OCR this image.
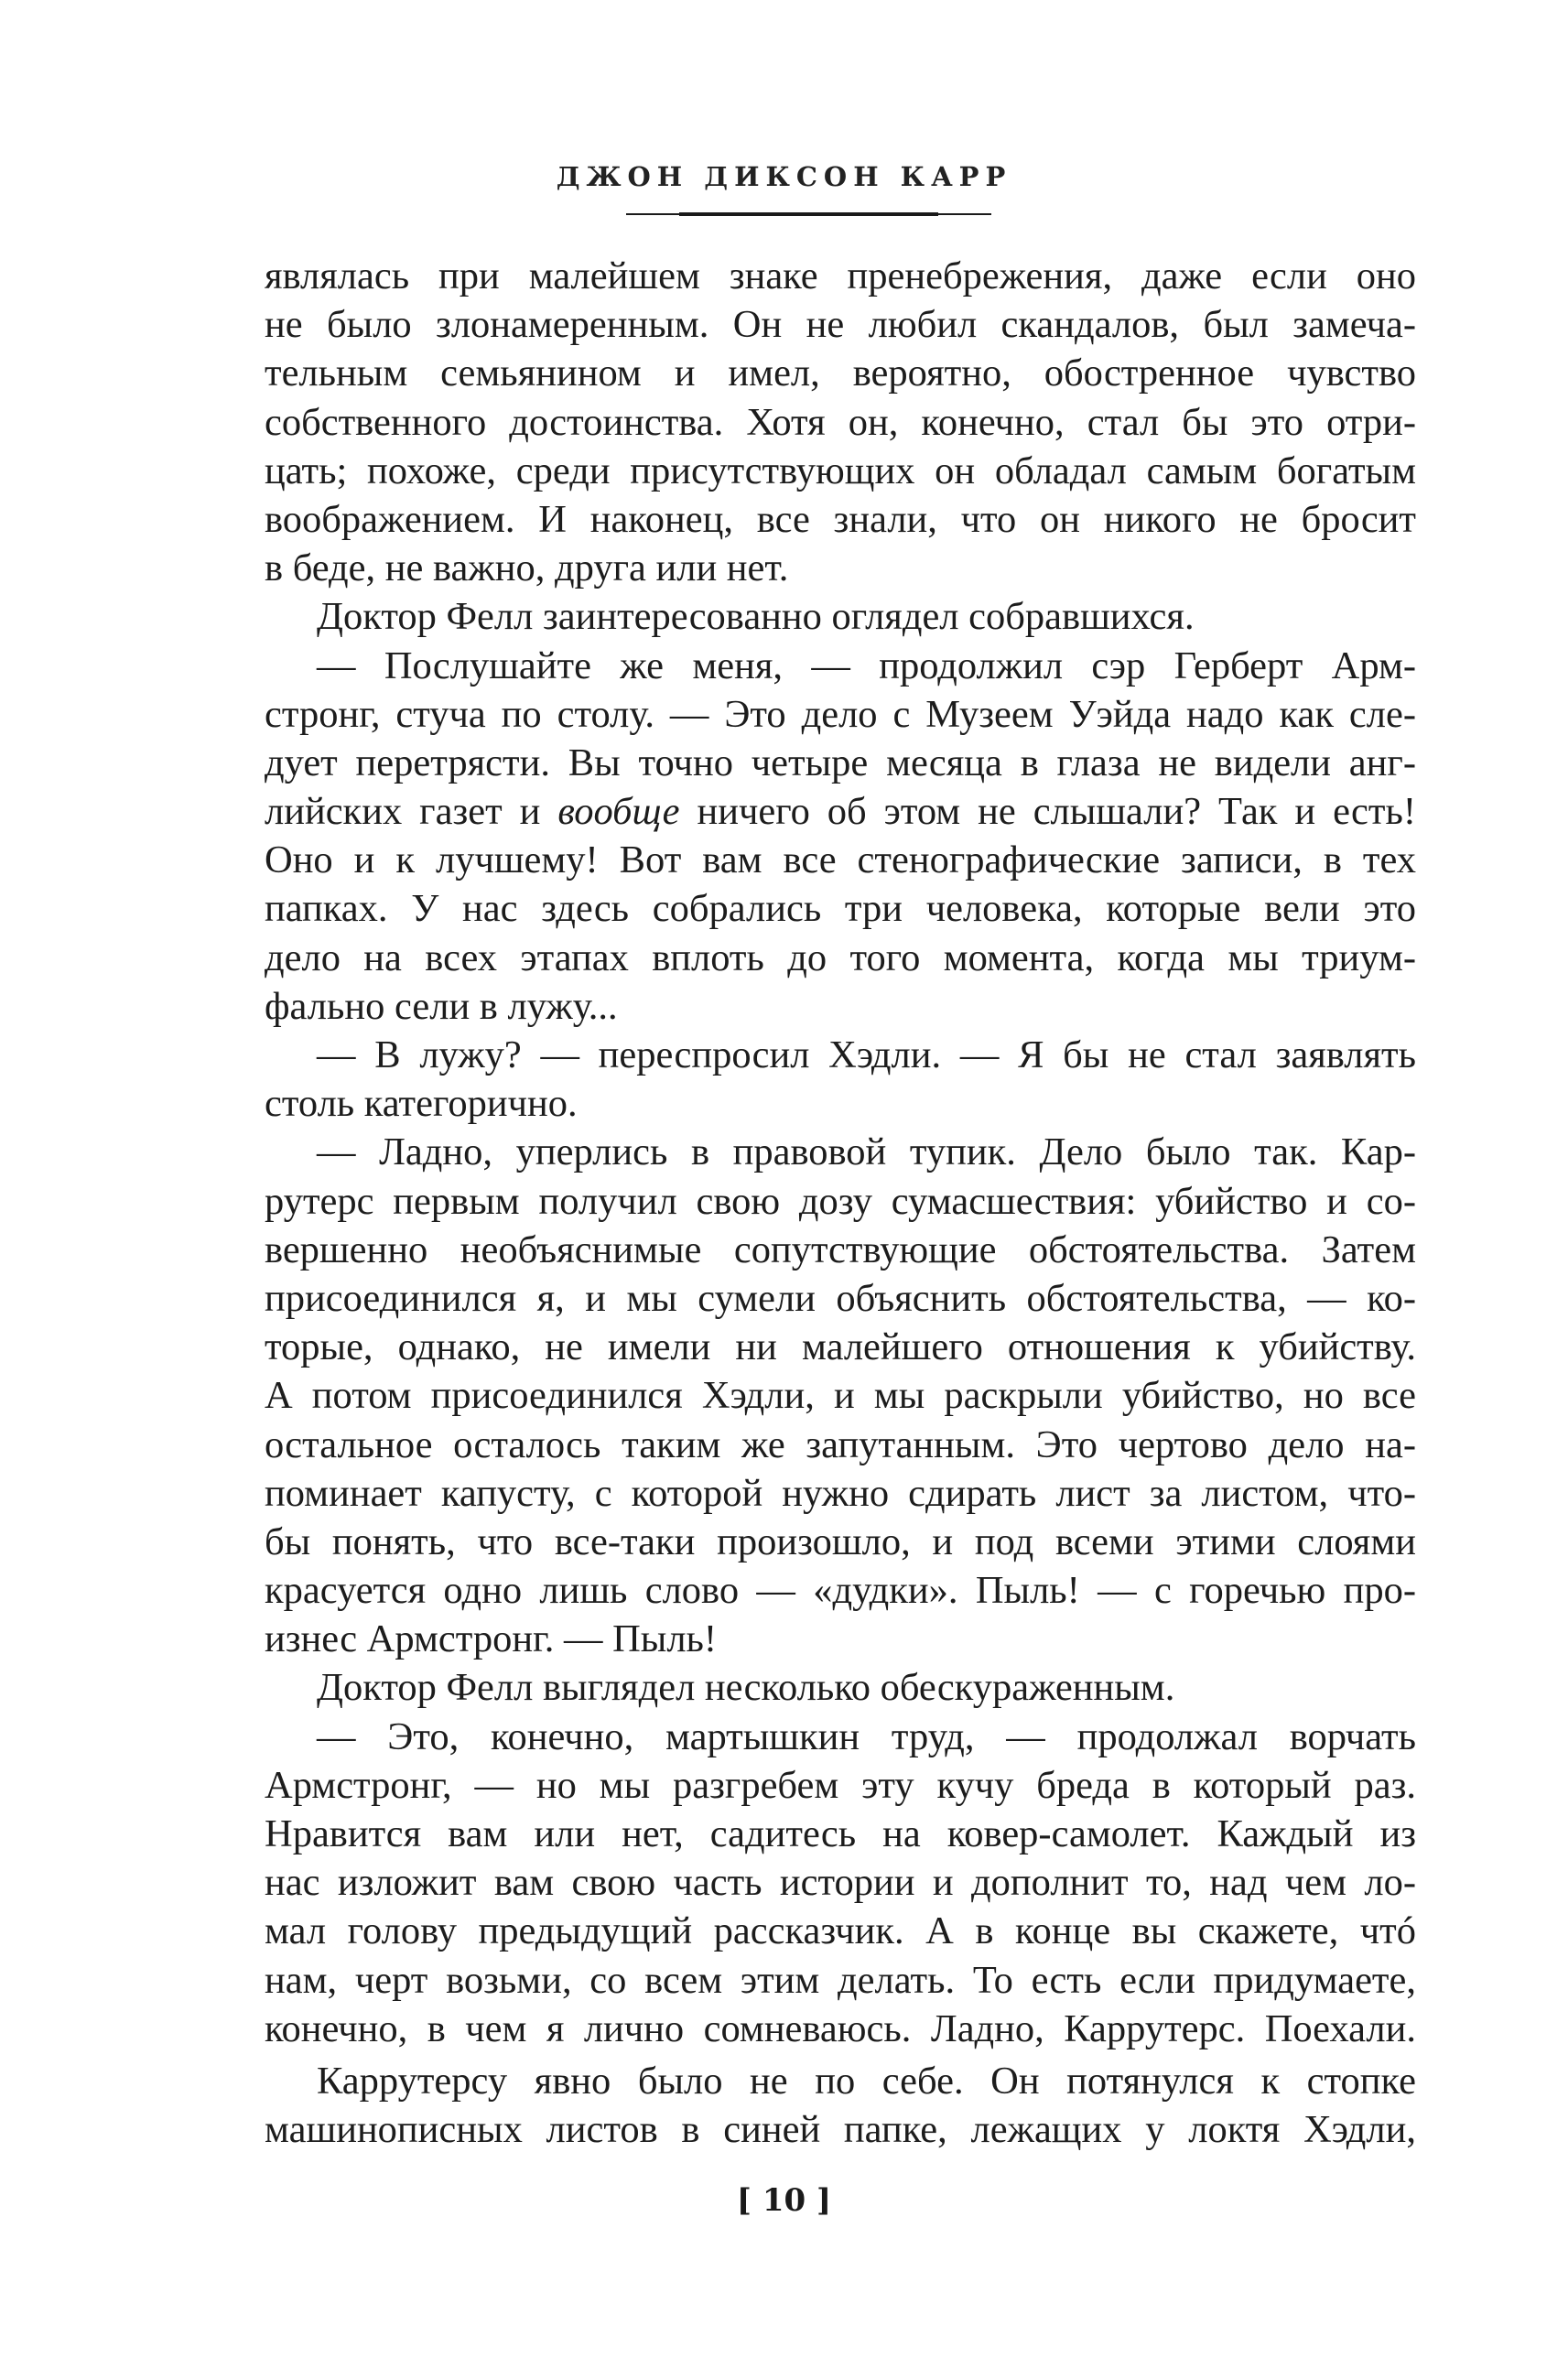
ДЖОН ДИКСОН КАРР
являлась при малейшем знаке пренебрежения, даже если оно
не было злонамеренным. Он не любил скандалов, был замеча-
тельным семьянином и имел, вероятно, обостренное чувство
собственного достоинства. Хотя он, конечно, стал бы это отри-
цать; похоже, среди присутствующих он обладал самым богатым
воображением. И наконец, все знали, что он никого не бросит
в беде, не важно, друга или нет.
Доктор Фелл заинтересованно оглядел собравшихся.
— Послушайте же меня, — продолжил сэр Герберт Арм-
стронг, стуча по столу. — Это дело с Музеем Уэйда надо как сле-
дует перетрясти. Вы точно четыре месяца в глаза не видели анг-
лийских газет и вообще ничего об этом не слышали? Так и есть!
Оно и к лучшему! Вот вам все стенографические записи, в тех
папках. У нас здесь собрались три человека, которые вели это
дело на всех этапах вплоть до того момента, когда мы триум-
фально сели в лужу...
— В лужу? — переспросил Хэдли. — Я бы не стал заявлять
столь категорично.
— Ладно, уперлись в правовой тупик. Дело было так. Кар-
рутерс первым получил свою дозу сумасшествия: убийство и со-
вершенно необъяснимые сопутствующие обстоятельства. Затем
присоединился я, и мы сумели объяснить обстоятельства, — ко-
торые, однако, не имели ни малейшего отношения к убийству.
А потом присоединился Хэдли, и мы раскрыли убийство, но все
остальное осталось таким же запутанным. Это чертово дело на-
поминает капусту, с которой нужно сдирать лист за листом, что-
бы понять, что все-таки произошло, и под всеми этими слоями
красуется одно лишь слово — «дудки». Пыль! — с горечью про-
изнес Армстронг. — Пыль!
Доктор Фелл выглядел несколько обескураженным.
— Это, конечно, мартышкин труд, — продолжал ворчать
Армстронг, — но мы разгребем эту кучу бреда в который раз.
Нравится вам или нет, садитесь на ковер-самолет. Каждый из
нас изложит вам свою часть истории и дополнит то, над чем ло-
мал голову предыдущий рассказчик. А в конце вы скажете, чтó
нам, черт возьми, со всем этим делать. То есть если придумаете,
конечно, в чем я лично сомневаюсь. Ладно, Каррутерс. Поехали.
Каррутерсу явно было не по себе. Он потянулся к стопке
машинописных листов в синей папке, лежащих у локтя Хэдли,
[ 10 ]
